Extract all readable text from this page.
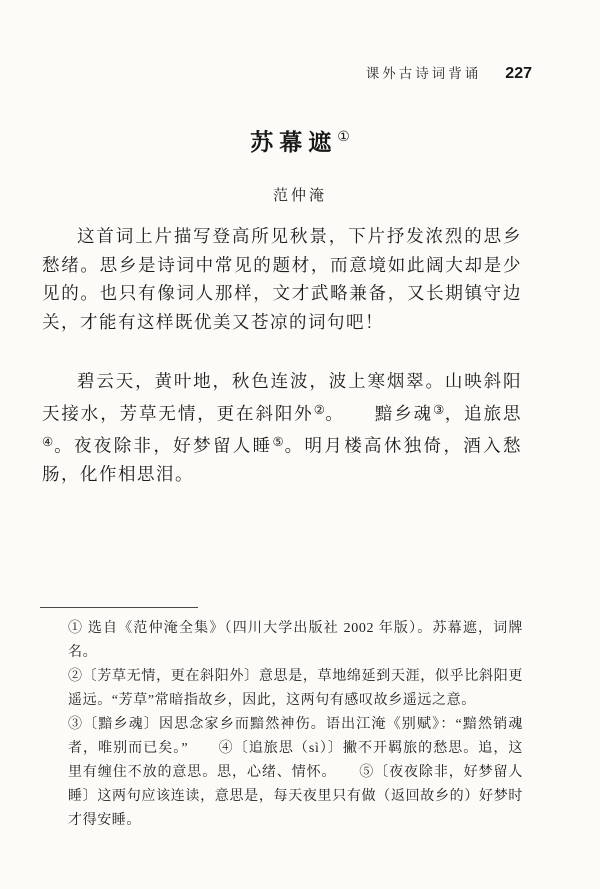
课外古诗词背诵 227
苏幕遮①
范仲淹

这首词上片描写登高所见秋景，下片抒发浓烈的思乡愁绪。思乡是诗词中常见的题材，而意境如此阔大却是少见的。也只有像词人那样，文才武略兼备，又长期镇守边关，才能有这样既优美又苍凉的词句吧！

碧云天，黄叶地，秋色连波，波上寒烟翠。山映斜阳天接水，芳草无情，更在斜阳外②。　　黯乡魂③，追旅思④。夜夜除非，好梦留人睡⑤。明月楼高休独倚，酒入愁肠，化作相思泪。

① 选自《范仲淹全集》（四川大学出版社 2002 年版）。苏幕遮，词牌名。

②〔芳草无情，更在斜阳外〕意思是，草地绵延到天涯，似乎比斜阳更遥远。“芳草”常暗指故乡，因此，这两句有感叹故乡遥远之意。

③〔黯乡魂〕因思念家乡而黯然神伤。语出江淹《别赋》：“黯然销魂者，唯别而已矣。”　　④〔追旅思（sì）〕撇不开羁旅的愁思。追，这里有缠住不放的意思。思，心绪、情怀。　　⑤〔夜夜除非，好梦留人睡〕这两句应该连读，意思是，每天夜里只有做（返回故乡的）好梦时才得安睡。
